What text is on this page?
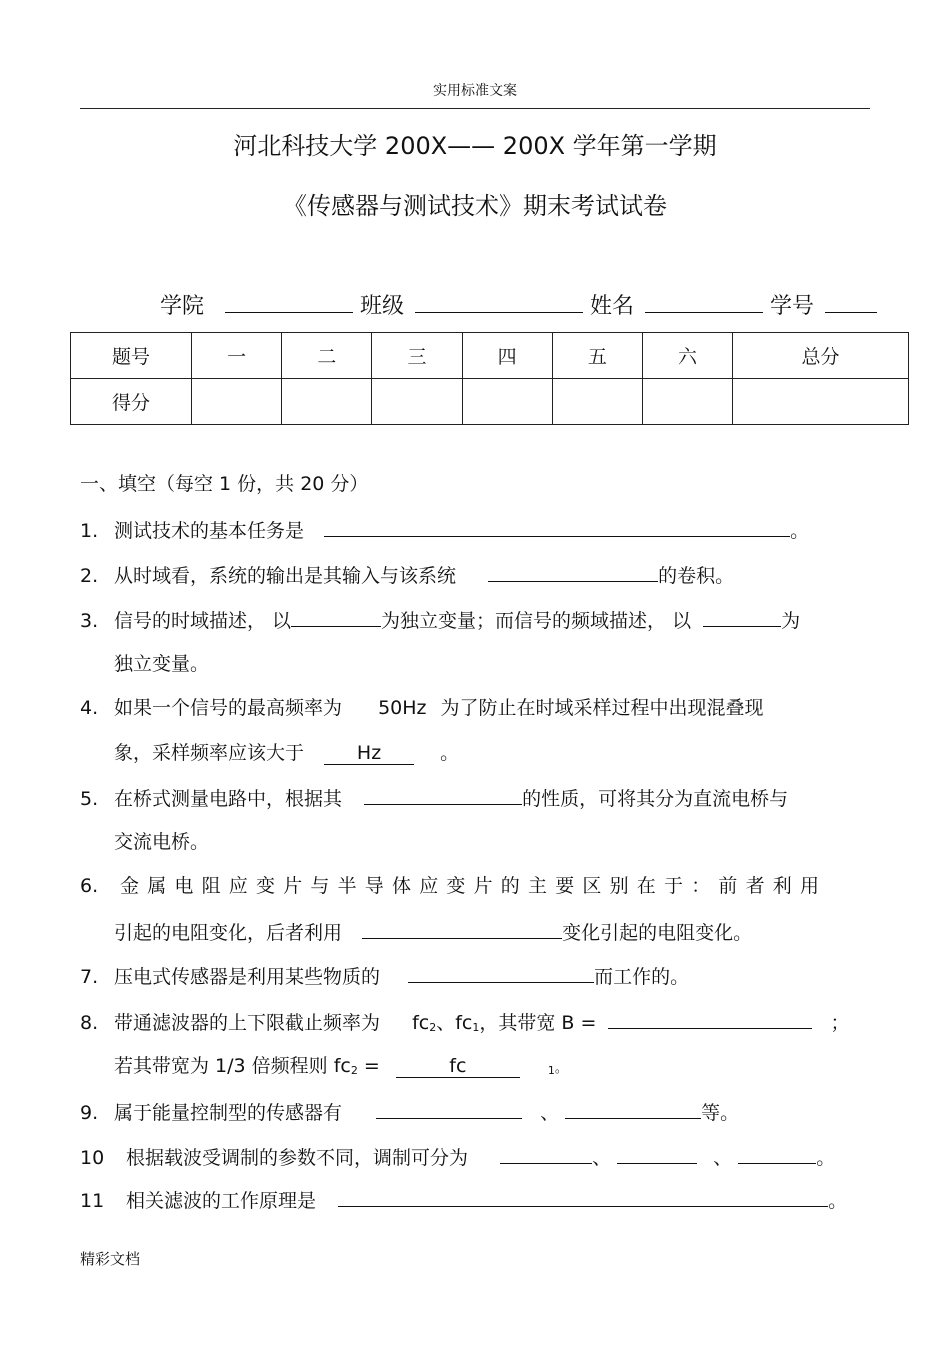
实用标准文案
河北科技大学 200X—— 200X 学年第一学期
《传感器与测试技术》期末考试试卷
学院	班级	姓名	学号
题号	一	二	三	四	五	六	总分
得分							
一、填空（每空 1 份，共 20 分）
1. 测试技术的基本任务是	。
2. 从时域看，系统的输出是其输入与该系统	的卷积。
3. 信号的时域描述， 以	为独立变量；而信号的频域描述， 以	为
独立变量。
4. 如果一个信号的最高频率为 50Hz 为了防止在时域采样过程中出现混叠现
象，采样频率应该大于	Hz	。
5. 在桥式测量电路中，根据其	的性质，可将其分为直流电桥与
交流电桥。
6. 金属电阻应变片与半导体应变片的主要区别在于：前者利用
引起的电阻变化，后者利用	变化引起的电阻变化。
7. 压电式传感器是利用某些物质的	而工作的。
8. 带通滤波器的上下限截止频率为 fc2、fc1，其带宽 B =	；
若其带宽为 1/3 倍频程则 fc2 =	fc	1。
9. 属于能量控制型的传感器有	、	等。
10 根据载波受调制的参数不同，调制可分为	、	、	。
11 相关滤波的工作原理是	。
精彩文档
